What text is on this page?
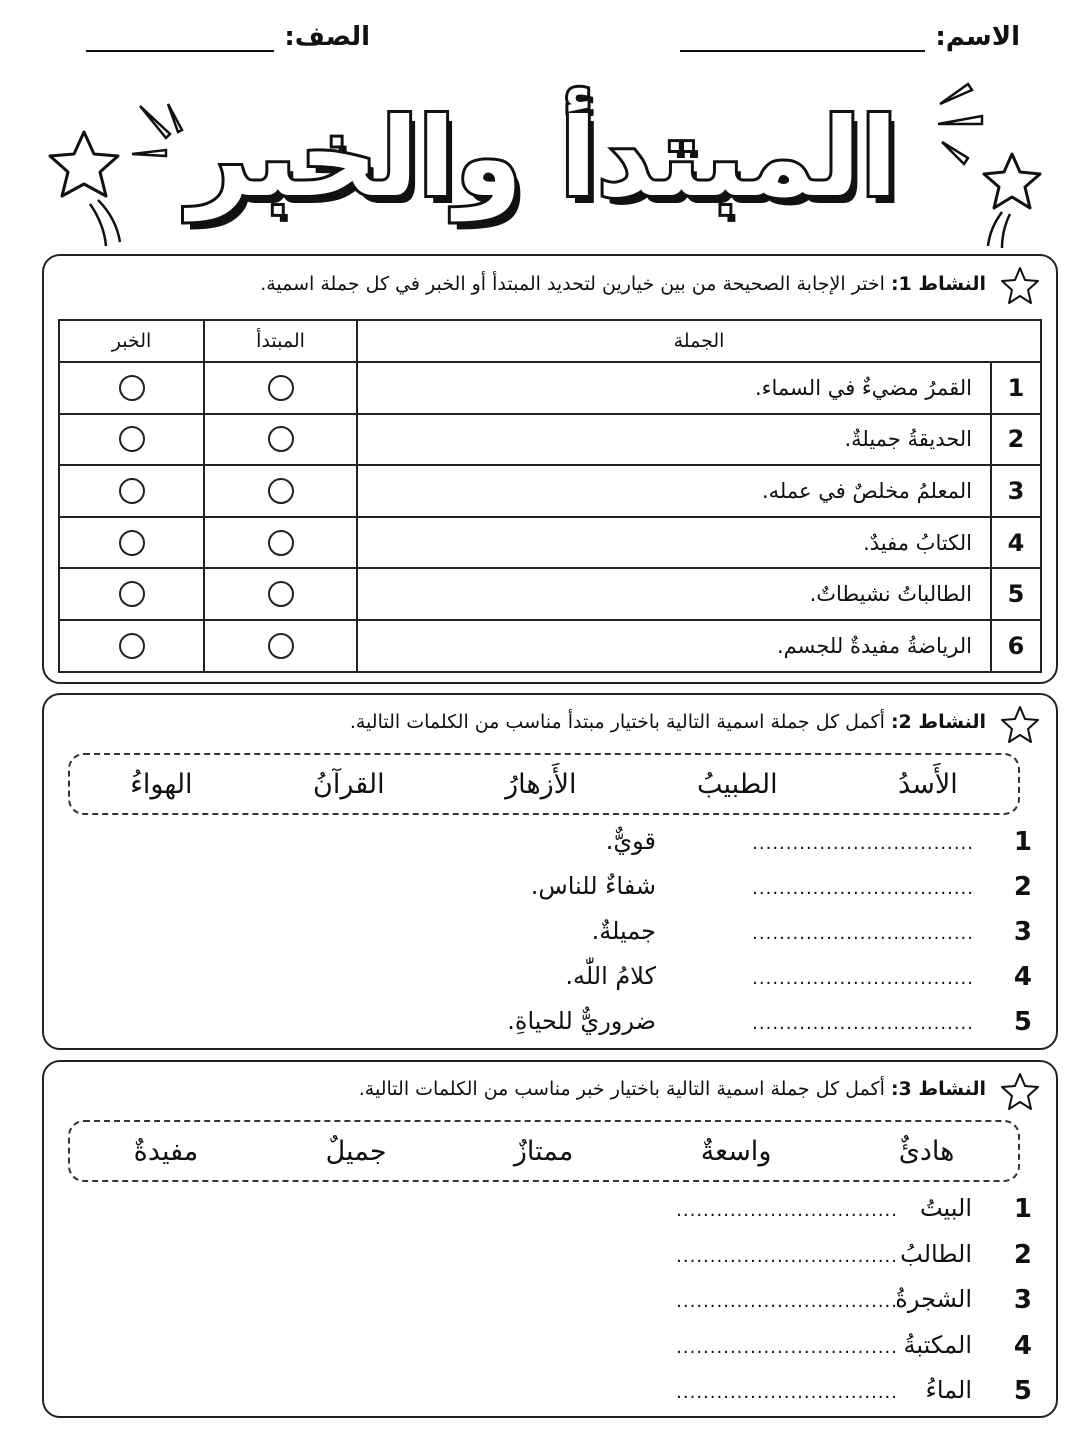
الاسم:
الصف:
المبتدأ والخبر
النشاط 1: اختر الإجابة الصحيحة من بين خيارين لتحديد المبتدأ أو الخبر في كل جملة اسمية.
الجملة		المبتدأ	الخبر
1	القمرُ مضيءٌ في السماء.		
2	الحديقةُ جميلةٌ.		
3	المعلمُ مخلصٌ في عمله.		
4	الكتابُ مفيدٌ.		
5	الطالباتُ نشيطاتٌ.		
6	الرياضةُ مفيدةٌ للجسم.		
النشاط 2: أكمل كل جملة اسمية التالية باختيار مبتدأ مناسب من الكلمات التالية.
الأَسدُ
الطبيبُ
الأَزهارُ
القرآنُ
الهواءُ
1
.................................
قويٌّ.
2
.................................
شفاءٌ للناس.
3
.................................
جميلةٌ.
4
.................................
كلامُ اللّٰه.
5
.................................
ضروريٌّ للحياةِ.
النشاط 3: أكمل كل جملة اسمية التالية باختيار خبر مناسب من الكلمات التالية.
هادئٌ
واسعةٌ
ممتازٌ
جميلٌ
مفيدةٌ
1
................................. البيتُ
2
................................. الطالبُ
3
.................................
الشجرةُ
4
................................. المكتبةُ
5
................................. الماءُ
